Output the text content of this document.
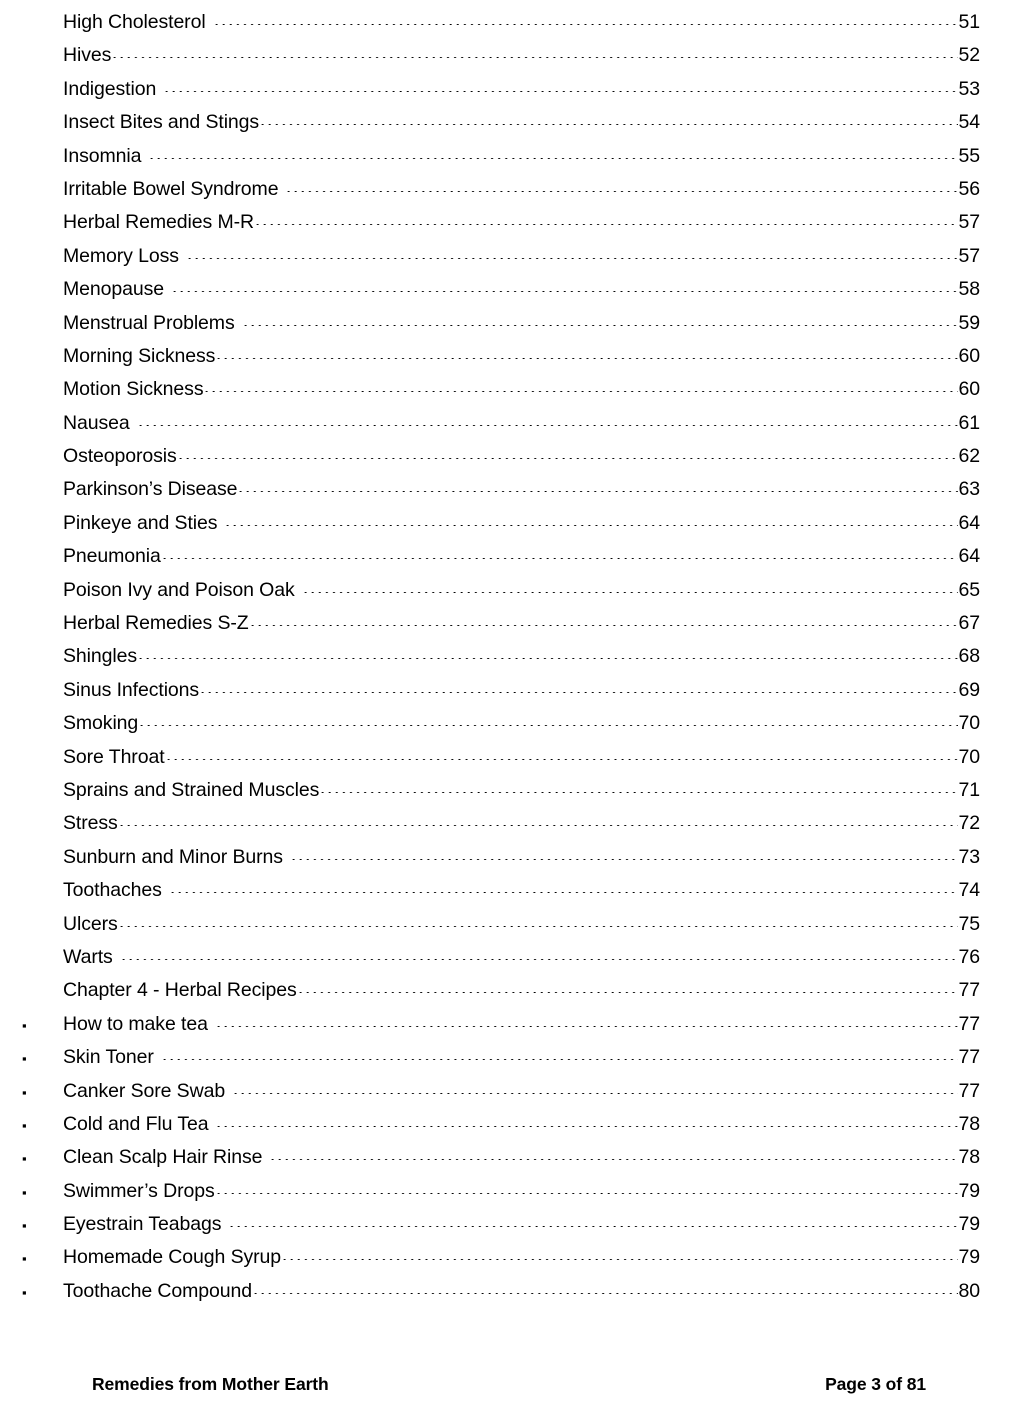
High Cholesterol	51
Hives	52
Indigestion	53
Insect Bites and Stings	54
Insomnia	55
Irritable Bowel Syndrome	56
Herbal Remedies M-R	57
Memory Loss	57
Menopause	58
Menstrual Problems	59
Morning Sickness	60
Motion Sickness	60
Nausea	61
Osteoporosis	62
Parkinson’s Disease	63
Pinkeye and Sties	64
Pneumonia	64
Poison Ivy and Poison Oak	65
Herbal Remedies S-Z	67
Shingles	68
Sinus Infections	69
Smoking	70
Sore Throat	70
Sprains and Strained Muscles	71
Stress	72
Sunburn and Minor Burns	73
Toothaches	74
Ulcers	75
Warts	76
Chapter 4 - Herbal Recipes	77
▪	How to make tea	77
▪	Skin Toner	77
▪	Canker Sore Swab	77
▪	Cold and Flu Tea	78
▪	Clean Scalp Hair Rinse	78
▪	Swimmer’s Drops	79
▪	Eyestrain Teabags	79
▪	Homemade Cough Syrup	79
▪	Toothache Compound	80
Remedies from Mother Earth	Page 3 of 81
